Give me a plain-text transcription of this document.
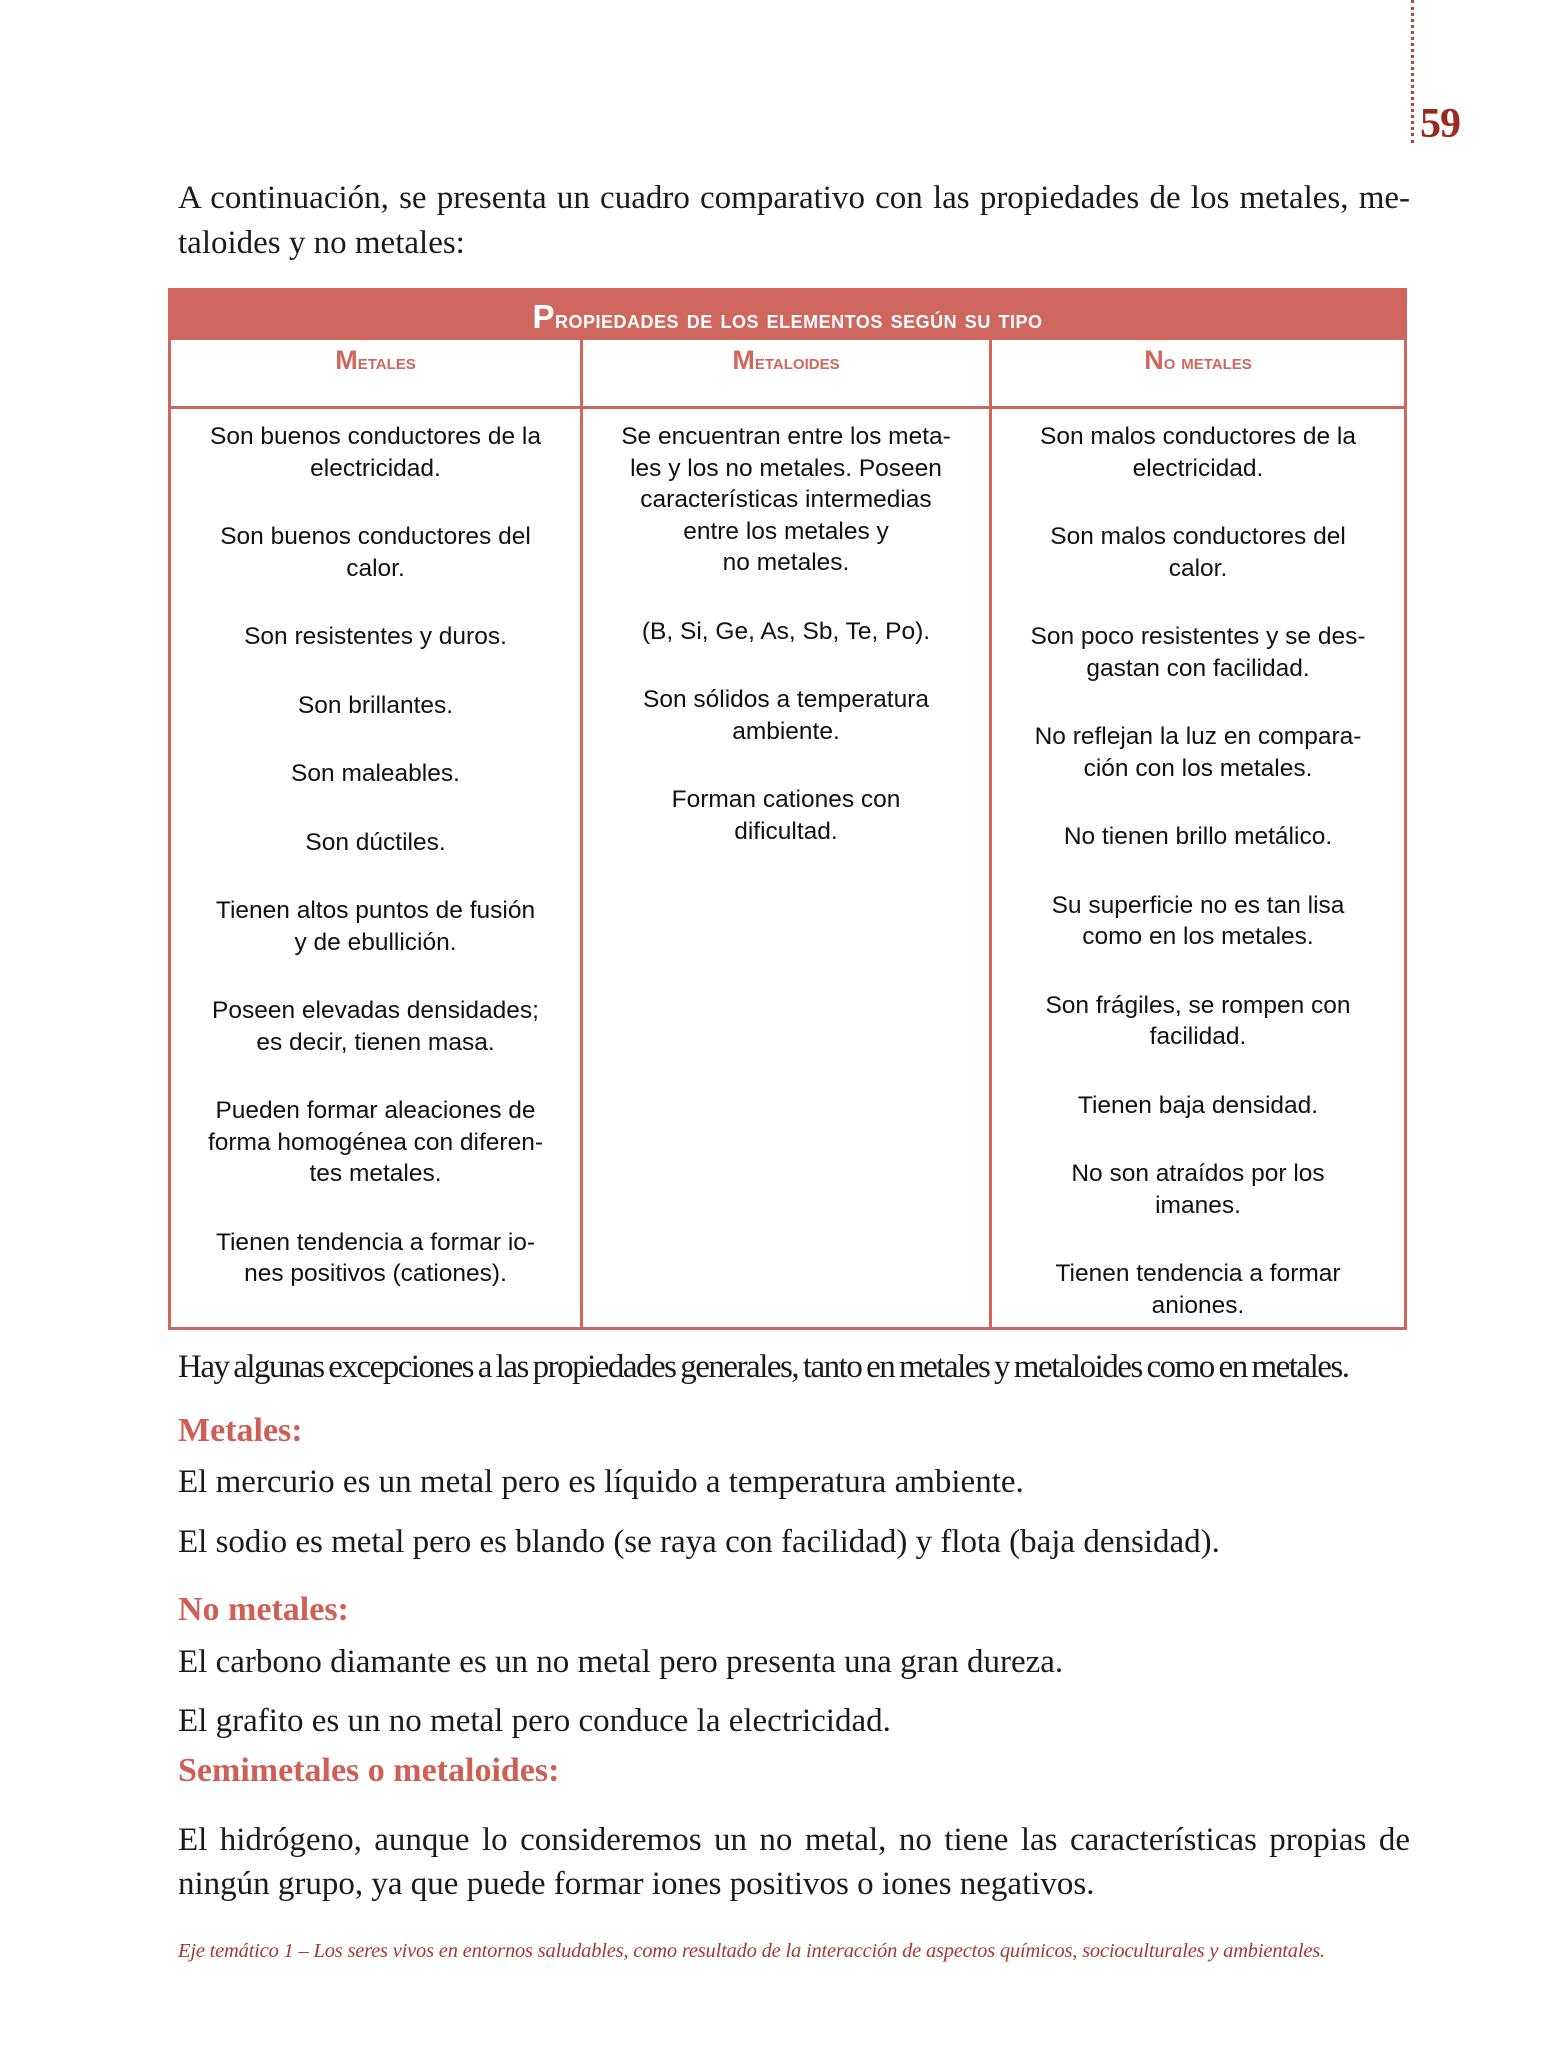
59
A continuación, se presenta un cuadro comparativo con las propiedades de los metales, me-
taloides y no metales:
Propiedades de los elementos según su tipo
Metales
Son buenos conductores de la
electricidad.
Son buenos conductores del
calor.
Son resistentes y duros.
Son brillantes.
Son maleables.
Son dúctiles.
Tienen altos puntos de fusión
y de ebullición.
Poseen elevadas densidades;
es decir, tienen masa.
Pueden formar aleaciones de
forma homogénea con diferen-
tes metales.
Tienen tendencia a formar io-
nes positivos (cationes).
Metaloides
Se encuentran entre los meta-
les y los no metales. Poseen
características intermedias
entre los metales y
no metales.
(B, Si, Ge, As, Sb, Te, Po).
Son sólidos a temperatura
ambiente.
Forman cationes con
dificultad.
No metales
Son malos conductores de la
electricidad.
Son malos conductores del
calor.
Son poco resistentes y se des-
gastan con facilidad.
No reflejan la luz en compara-
ción con los metales.
No tienen brillo metálico.
Su superficie no es tan lisa
como en los metales.
Son frágiles, se rompen con
facilidad.
Tienen baja densidad.
No son atraídos por los
imanes.
Tienen tendencia a formar
aniones.

Hay algunas excepciones a las propiedades generales, tanto en metales y metaloides como en metales.

Metales:

El mercurio es un metal pero es líquido a temperatura ambiente.

El sodio es metal pero es blando (se raya con facilidad) y flota (baja densidad).

No metales:

El carbono diamante es un no metal pero presenta una gran dureza.

El grafito es un no metal pero conduce la electricidad.

Semimetales o metaloides:
El hidrógeno, aunque lo consideremos un no metal, no tiene las características propias de
ningún grupo, ya que puede formar iones positivos o iones negativos.
Eje temático 1 – Los seres vivos en entornos saludables, como resultado de la interacción de aspectos químicos, socioculturales y ambientales.
